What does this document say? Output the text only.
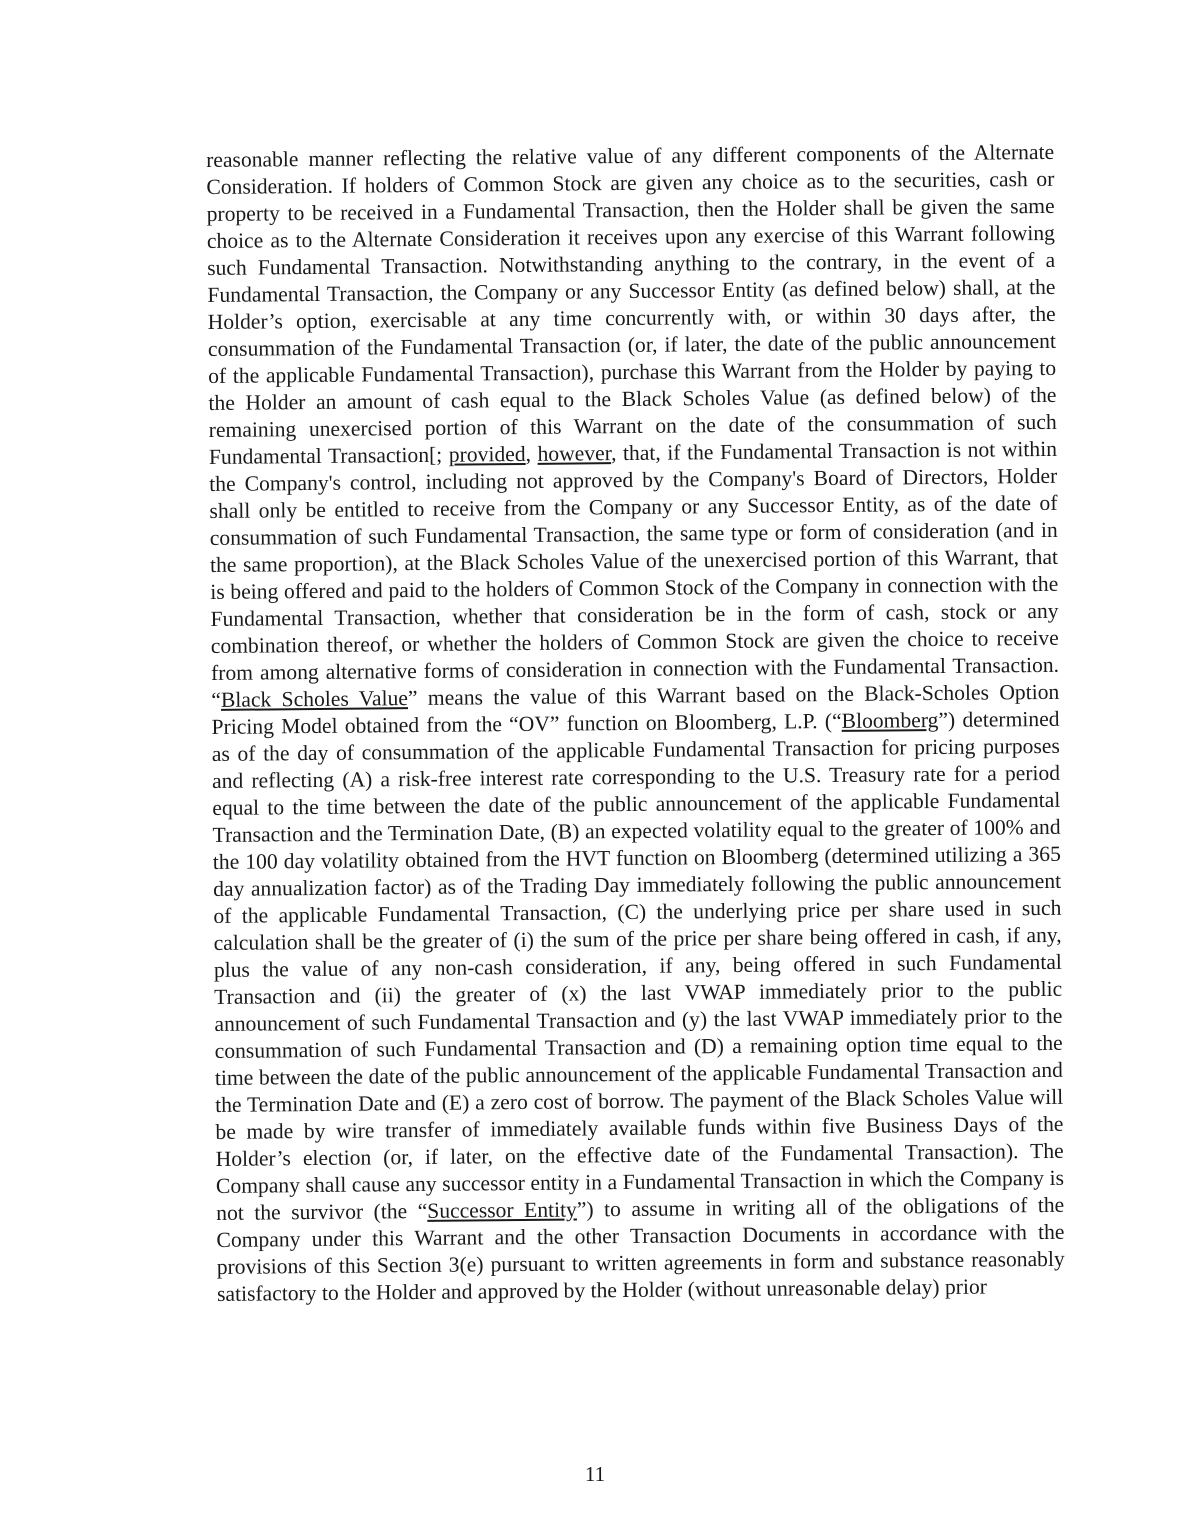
reasonable manner reflecting the relative value of any different components of the Alternate Consideration. If holders of Common Stock are given any choice as to the securities, cash or property to be received in a Fundamental Transaction, then the Holder shall be given the same choice as to the Alternate Consideration it receives upon any exercise of this Warrant following such Fundamental Transaction. Notwithstanding anything to the contrary, in the event of a Fundamental Transaction, the Company or any Successor Entity (as defined below) shall, at the Holder’s option, exercisable at any time concurrently with, or within 30 days after, the consummation of the Fundamental Transaction (or, if later, the date of the public announcement of the applicable Fundamental Transaction), purchase this Warrant from the Holder by paying to the Holder an amount of cash equal to the Black Scholes Value (as defined below) of the remaining unexercised portion of this Warrant on the date of the consummation of such Fundamental Transaction[; provided, however, that, if the Fundamental Transaction is not within the Company's control, including not approved by the Company's Board of Directors, Holder shall only be entitled to receive from the Company or any Successor Entity, as of the date of consummation of such Fundamental Transaction, the same type or form of consideration (and in the same proportion), at the Black Scholes Value of the unexercised portion of this Warrant, that is being offered and paid to the holders of Common Stock of the Company in connection with the Fundamental Transaction, whether that consideration be in the form of cash, stock or any combination thereof, or whether the holders of Common Stock are given the choice to receive from among alternative forms of consideration in connection with the Fundamental Transaction. “Black Scholes Value” means the value of this Warrant based on the Black-Scholes Option Pricing Model obtained from the “OV” function on Bloomberg, L.P. (“Bloomberg”) determined as of the day of consummation of the applicable Fundamental Transaction for pricing purposes and reflecting (A) a risk-free interest rate corresponding to the U.S. Treasury rate for a period equal to the time between the date of the public announcement of the applicable Fundamental Transaction and the Termination Date, (B) an expected volatility equal to the greater of 100% and the 100 day volatility obtained from the HVT function on Bloomberg (determined utilizing a 365 day annualization factor) as of the Trading Day immediately following the public announcement of the applicable Fundamental Transaction, (C) the underlying price per share used in such calculation shall be the greater of (i) the sum of the price per share being offered in cash, if any, plus the value of any non-cash consideration, if any, being offered in such Fundamental Transaction and (ii) the greater of (x) the last VWAP immediately prior to the public announcement of such Fundamental Transaction and (y) the last VWAP immediately prior to the consummation of such Fundamental Transaction and (D) a remaining option time equal to the time between the date of the public announcement of the applicable Fundamental Transaction and the Termination Date and (E) a zero cost of borrow. The payment of the Black Scholes Value will be made by wire transfer of immediately available funds within five Business Days of the Holder’s election (or, if later, on the effective date of the Fundamental Transaction). The Company shall cause any successor entity in a Fundamental Transaction in which the Company is not the survivor (the “Successor Entity”) to assume in writing all of the obligations of the Company under this Warrant and the other Transaction Documents in accordance with the provisions of this Section 3(e) pursuant to written agreements in form and substance reasonably satisfactory to the Holder and approved by the Holder (without unreasonable delay) prior

11
